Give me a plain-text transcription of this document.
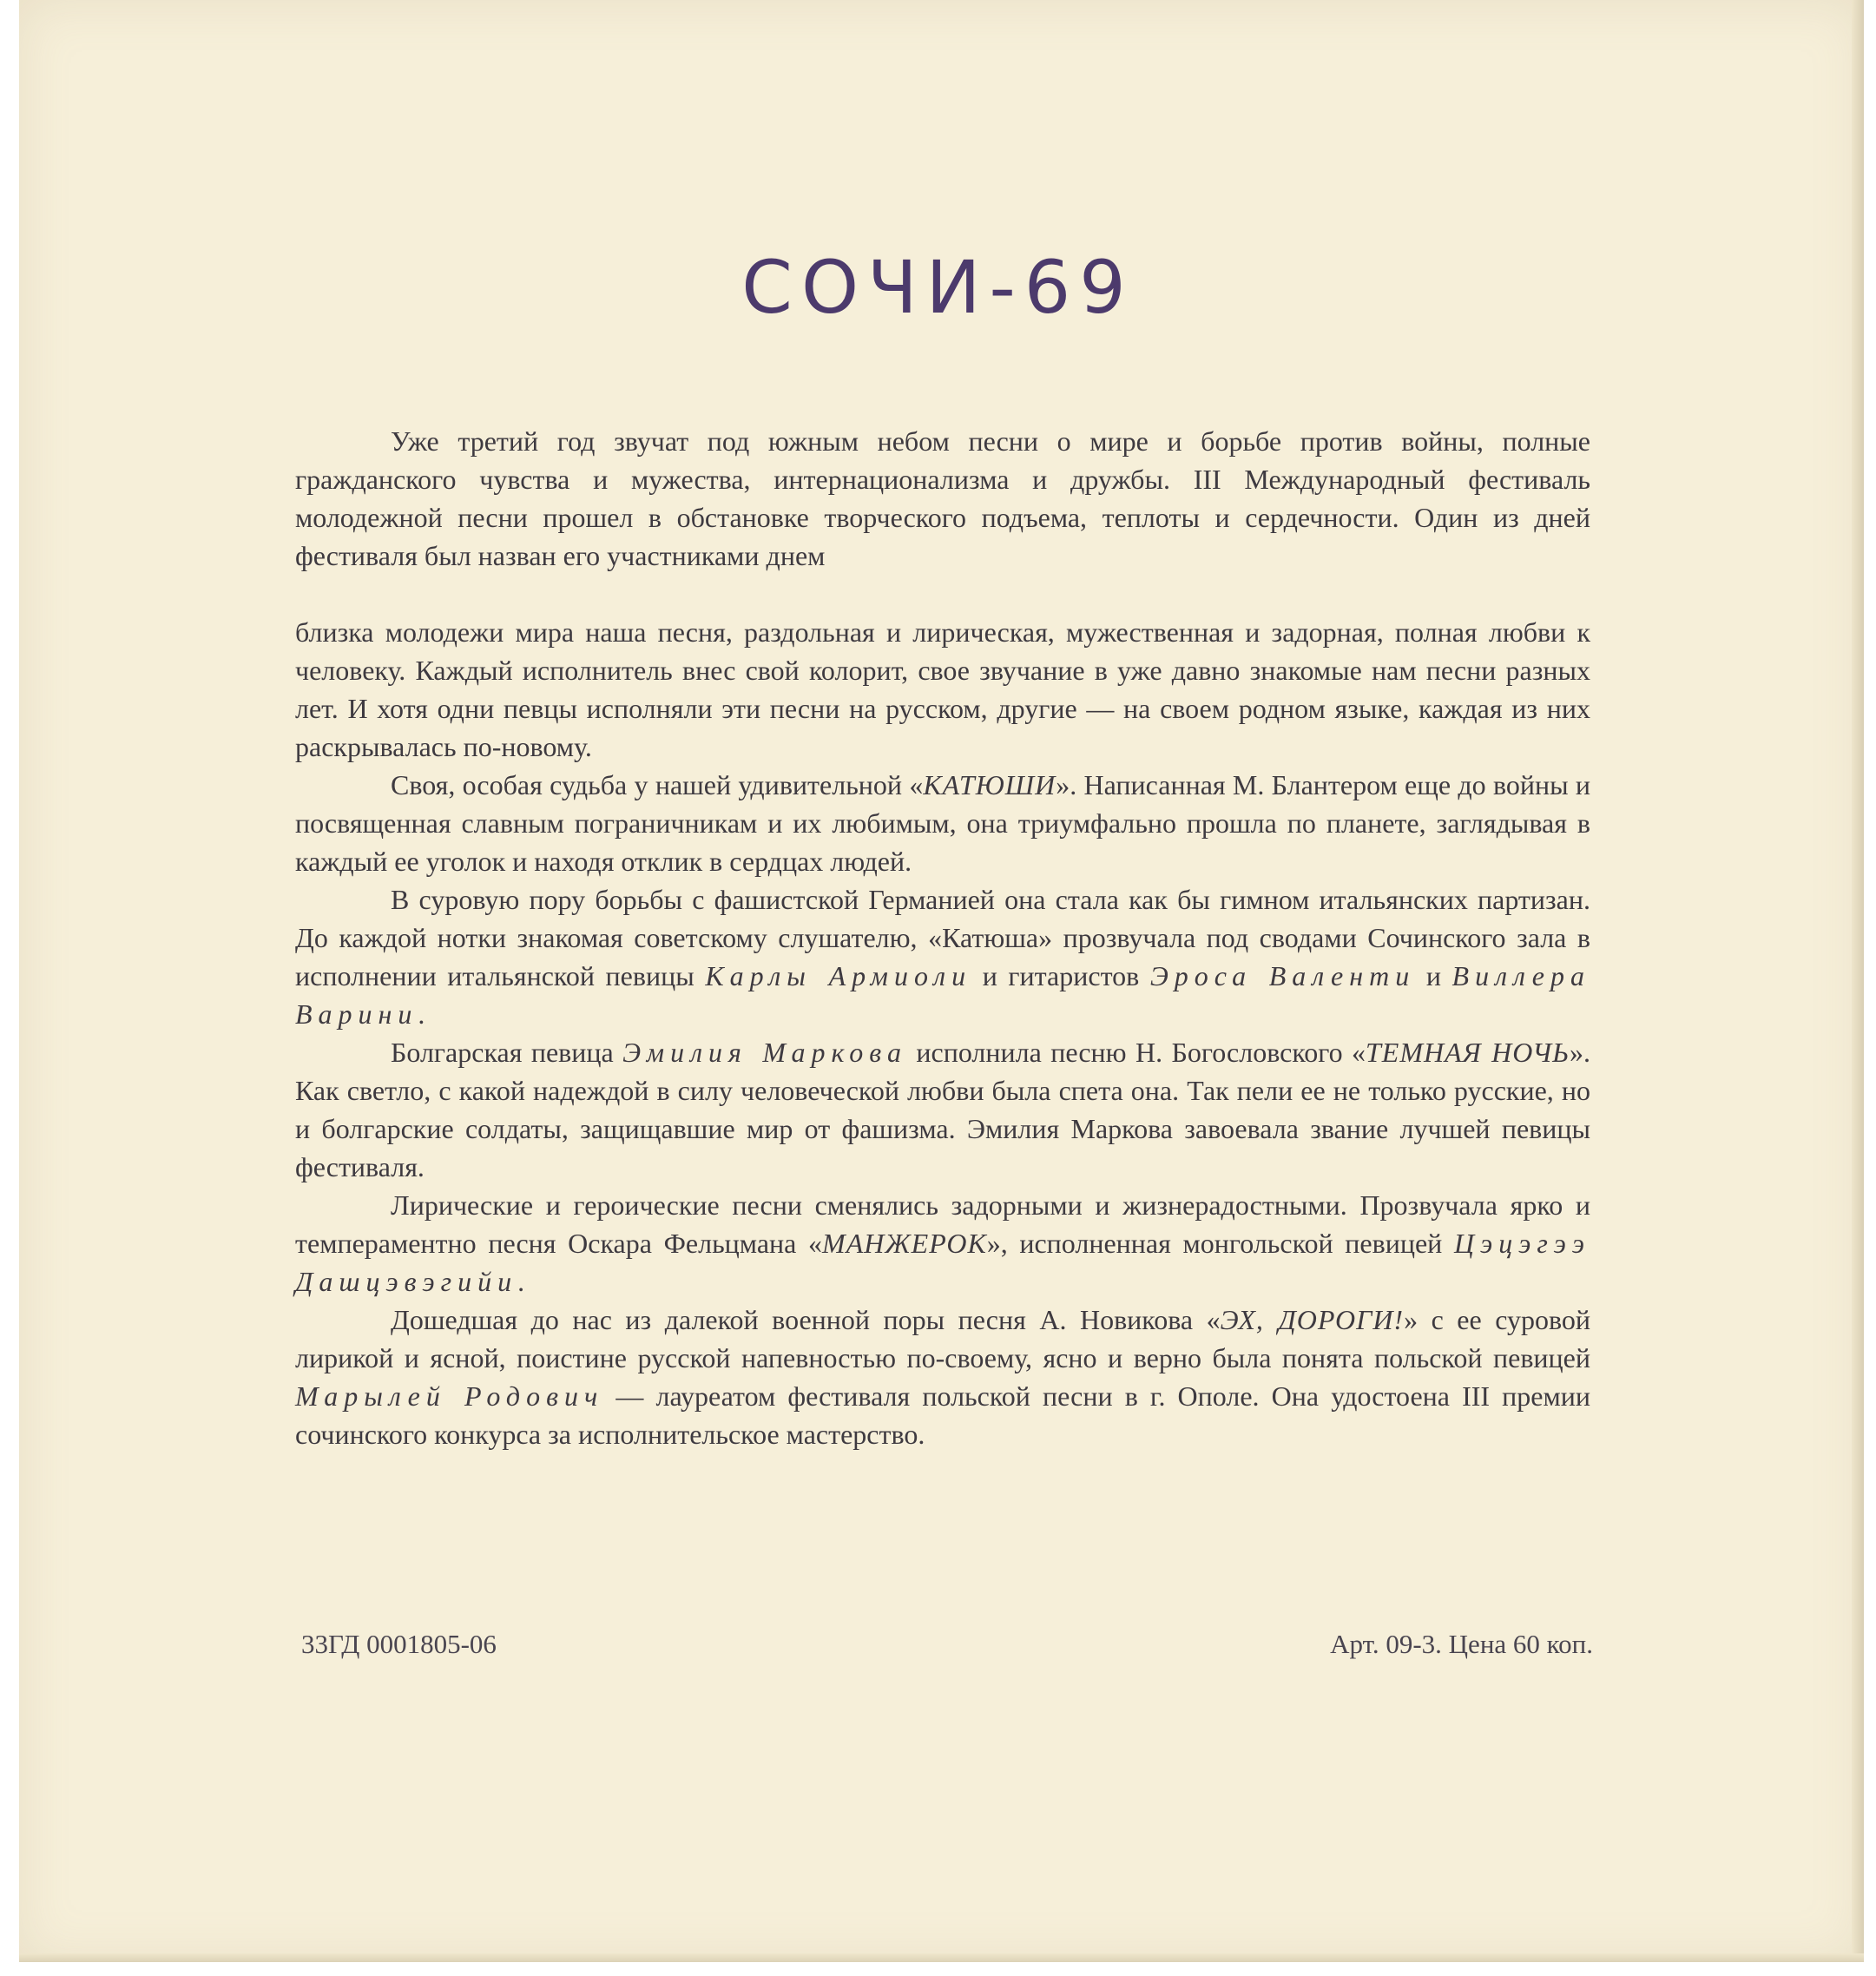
СОЧИ-69

Уже третий год звучат под южным небом песни о мире и борьбе против войны, полные гражданского чувства и мужества, интернационализма и дружбы. III Международный фестиваль молодежной песни прошел в обстановке творческого подъема, теплоты и сердечности. Один из дней фестиваля был назван его участниками днем

близка молодежи мира наша песня, раздольная и лирическая, мужественная и задорная, полная любви к человеку. Каждый исполнитель внес свой колорит, свое звучание в уже давно знакомые нам песни разных лет. И хотя одни певцы исполняли эти песни на русском, другие — на своем родном языке, каждая из них раскрывалась по-новому.

Своя, особая судьба у нашей удивительной «КАТЮШИ». Написанная М. Блантером еще до войны и посвященная славным пограничникам и их любимым, она триумфально прошла по планете, заглядывая в каждый ее уголок и находя отклик в сердцах людей.

В суровую пору борьбы с фашистской Германией она стала как бы гимном итальянских партизан. До каждой нотки знакомая советскому слушателю, «Катюша» прозвучала под сводами Сочинского зала в исполнении итальянской певицы Карлы Армиоли и гитаристов Эроса Валенти и Виллера Варини.

Болгарская певица Эмилия Маркова исполнила песню Н. Богословского «ТЕМНАЯ НОЧЬ». Как светло, с какой надеждой в силу человеческой любви была спета она. Так пели ее не только русские, но и болгарские солдаты, защищавшие мир от фашизма. Эмилия Маркова завоевала звание лучшей певицы фестиваля.

Лирические и героические песни сменялись задорными и жизнерадостными. Прозвучала ярко и темпераментно песня Оскара Фельцмана «МАНЖЕРОК», исполненная монгольской певицей Цэцэгээ Дашцэвэгийи.

Дошедшая до нас из далекой военной поры песня А. Новикова «ЭХ, ДОРОГИ!» с ее суровой лирикой и ясной, поистине русской напевностью по-своему, ясно и верно была понята польской певицей Марылей Родович — лауреатом фестиваля польской песни в г. Ополе. Она удостоена III премии сочинского конкурса за исполнительское мастерство.

33ГД 0001805-06	Арт. 09-3. Цена 60 коп.
